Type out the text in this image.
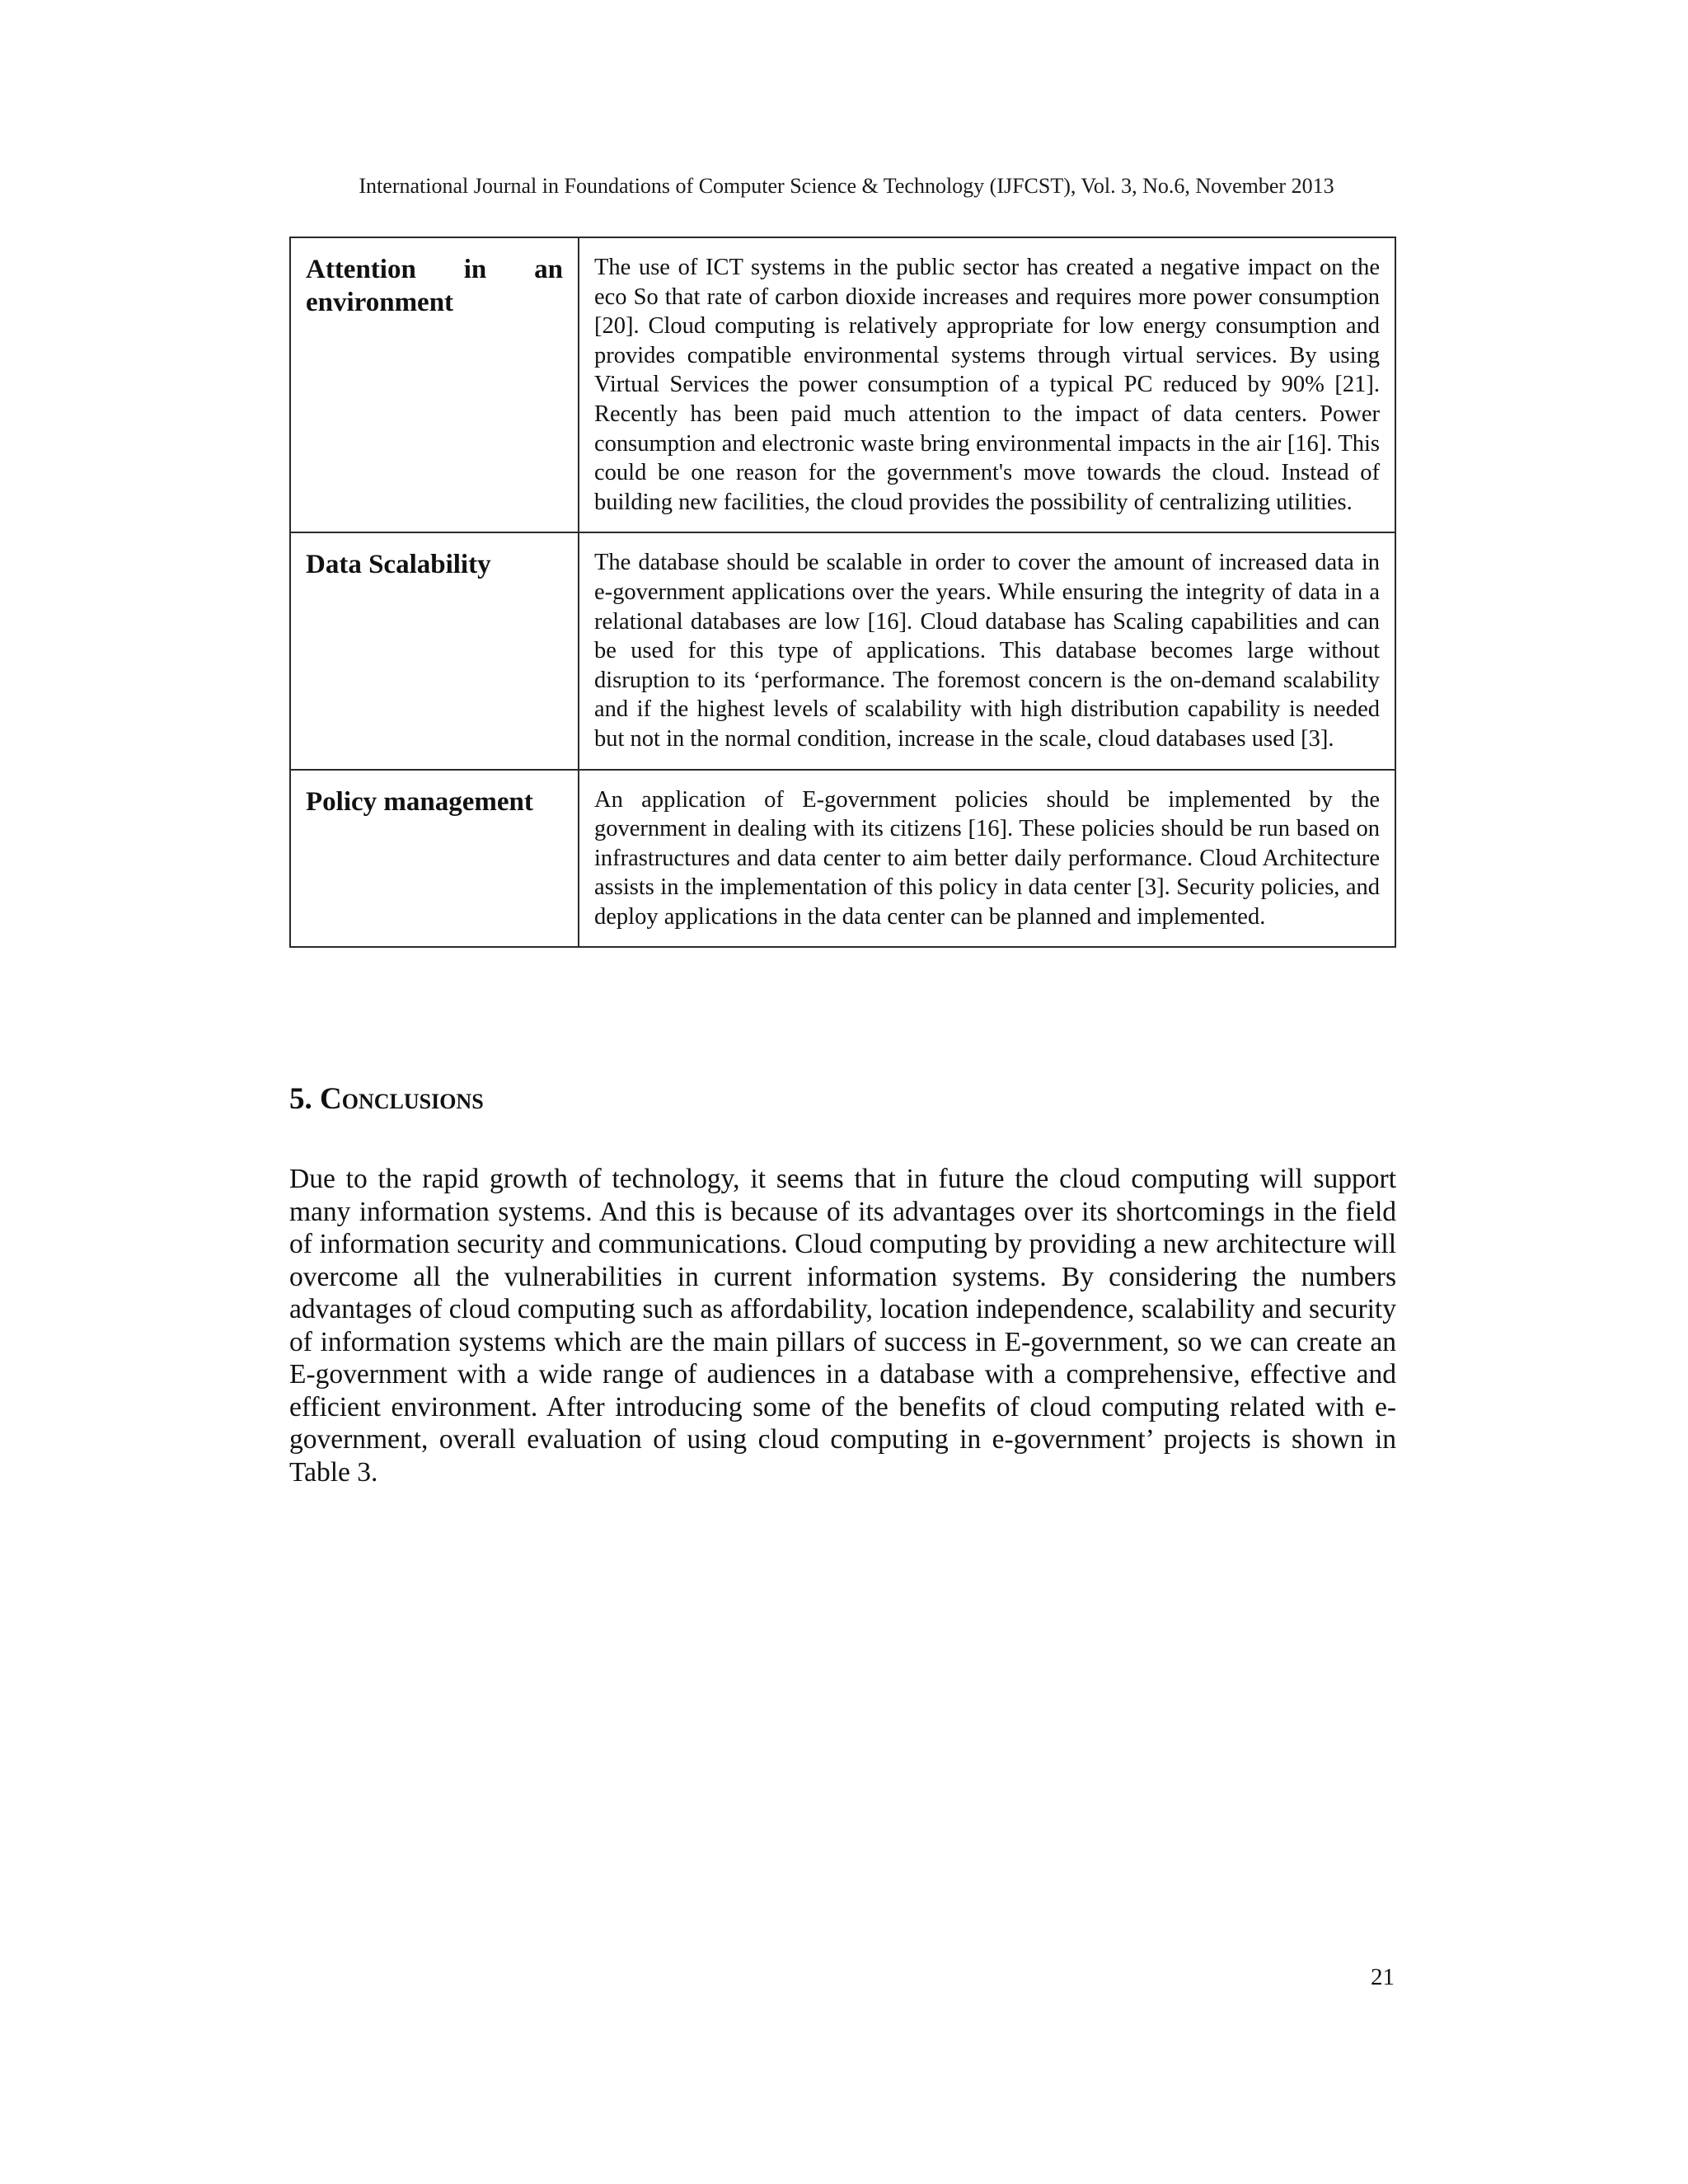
International Journal in Foundations of Computer Science & Technology (IJFCST), Vol. 3, No.6, November 2013
Attention in an environment	The use of ICT systems in the public sector has created a negative impact on the eco So that rate of carbon dioxide increases and requires more power consumption [20]. Cloud computing is relatively appropriate for low energy consumption and provides compatible environmental systems through virtual services. By using Virtual Services the power consumption of a typical PC reduced by 90% [21]. Recently has been paid much attention to the impact of data centers. Power consumption and electronic waste bring environmental impacts in the air [16]. This could be one reason for the government's move towards the cloud. Instead of building new facilities, the cloud provides the possibility of centralizing utilities.
Data Scalability	The database should be scalable in order to cover the amount of increased data in e-government applications over the years. While ensuring the integrity of data in a relational databases are low [16]. Cloud database has Scaling capabilities and can be used for this type of applications. This database becomes large without disruption to its ‘performance. The foremost concern is the on-demand scalability and if the highest levels of scalability with high distribution capability is needed but not in the normal condition, increase in the scale, cloud databases used [3].
Policy management	An application of E-government policies should be implemented by the government in dealing with its citizens [16]. These policies should be run based on infrastructures and data center to aim better daily performance. Cloud Architecture assists in the implementation of this policy in data center [3]. Security policies, and deploy applications in the data center can be planned and implemented.
5. Conclusions
Due to the rapid growth of technology, it seems that in future the cloud computing will support many information systems. And this is because of its advantages over its shortcomings in the field of information security and communications. Cloud computing by providing a new architecture will overcome all the vulnerabilities in current information systems. By considering the numbers advantages of cloud computing such as affordability, location independence, scalability and security of information systems which are the main pillars of success in E-government, so we can create an E-government with a wide range of audiences in a database with a comprehensive, effective and efficient environment. After introducing some of the benefits of cloud computing related with e-government, overall evaluation of using cloud computing in e-government’ projects is shown in Table 3.
21
